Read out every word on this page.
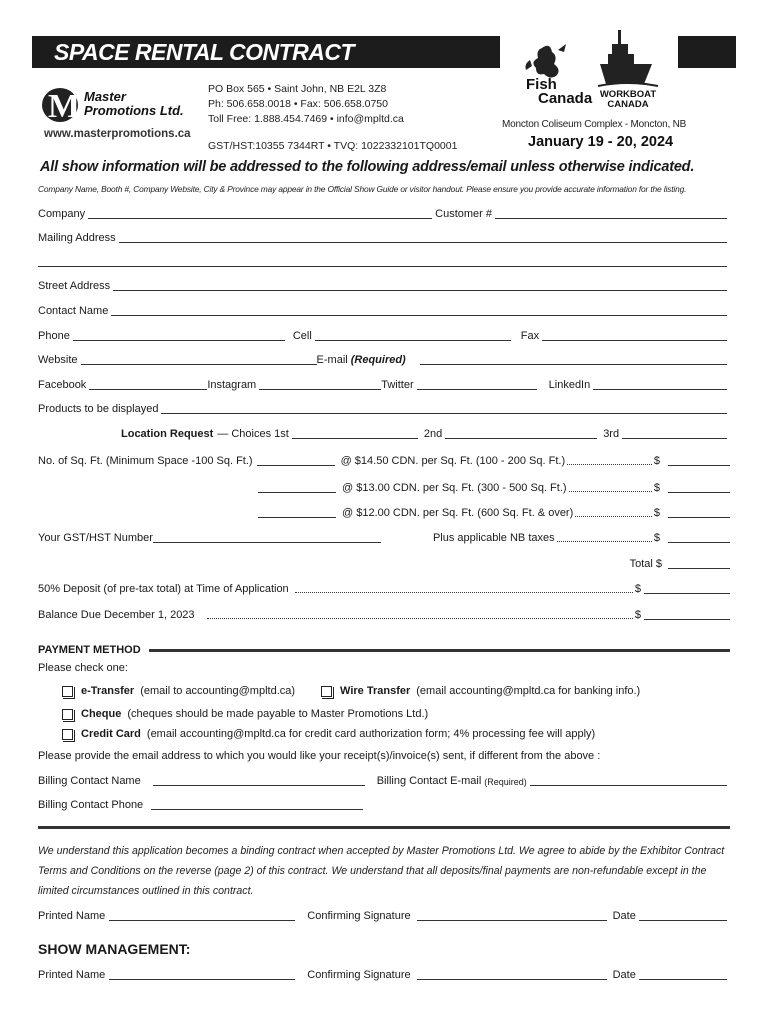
SPACE RENTAL CONTRACT
M Master
Promotions Ltd.
www.masterpromotions.ca
PO Box 565 • Saint John, NB E2L 3Z8
Ph: 506.658.0018 • Fax: 506.658.0750
Toll Free: 1.888.454.7469 • info@mpltd.ca
GST/HST:10355 7344RT • TVQ: 1022332101TQ0001
Fish
Canada WORKBOAT
CANADA
Moncton Coliseum Complex - Moncton, NB
January 19 - 20, 2024
All show information will be addressed to the following address/email unless otherwise indicated.
Company Name, Booth #, Company Website, City & Province may appear in the Official Show Guide or visitor handout. Please ensure you provide accurate information for the listing.
Company	Customer #
Mailing Address
Street Address
Contact Name
Phone	Cell	Fax
Website	E-mail (Required)
Facebook	Instagram	Twitter	LinkedIn
Products to be displayed
Location Request — Choices 1st	2nd	3rd
No. of Sq. Ft. (Minimum Space -100 Sq. Ft.)	@ $14.50 CDN. per Sq. Ft. (100 - 200 Sq. Ft.)	$
@ $13.00 CDN. per Sq. Ft. (300 - 500 Sq. Ft.)	$
@ $12.00 CDN. per Sq. Ft. (600 Sq. Ft. & over)	$
Your GST/HST Number	Plus applicable NB taxes	$
Total $
50% Deposit (of pre-tax total) at Time of Application	$
Balance Due December 1, 2023	$
PAYMENT METHOD
Please check one:
e-Transfer (email to accounting@mpltd.ca)	Wire Transfer (email accounting@mpltd.ca for banking info.)
Cheque (cheques should be made payable to Master Promotions Ltd.)
Credit Card (email accounting@mpltd.ca for credit card authorization form; 4% processing fee will apply)
Please provide the email address to which you would like your receipt(s)/invoice(s) sent, if different from the above :
Billing Contact Name	Billing Contact E-mail (Required)
Billing Contact Phone
We understand this application becomes a binding contract when accepted by Master Promotions Ltd. We agree to abide by the Exhibitor Contract Terms and Conditions on the reverse (page 2) of this contract. We understand that all deposits/final payments are non-refundable except in the limited circumstances outlined in this contract.
Printed Name	Confirming Signature	Date
SHOW MANAGEMENT:
Printed Name	Confirming Signature	Date
